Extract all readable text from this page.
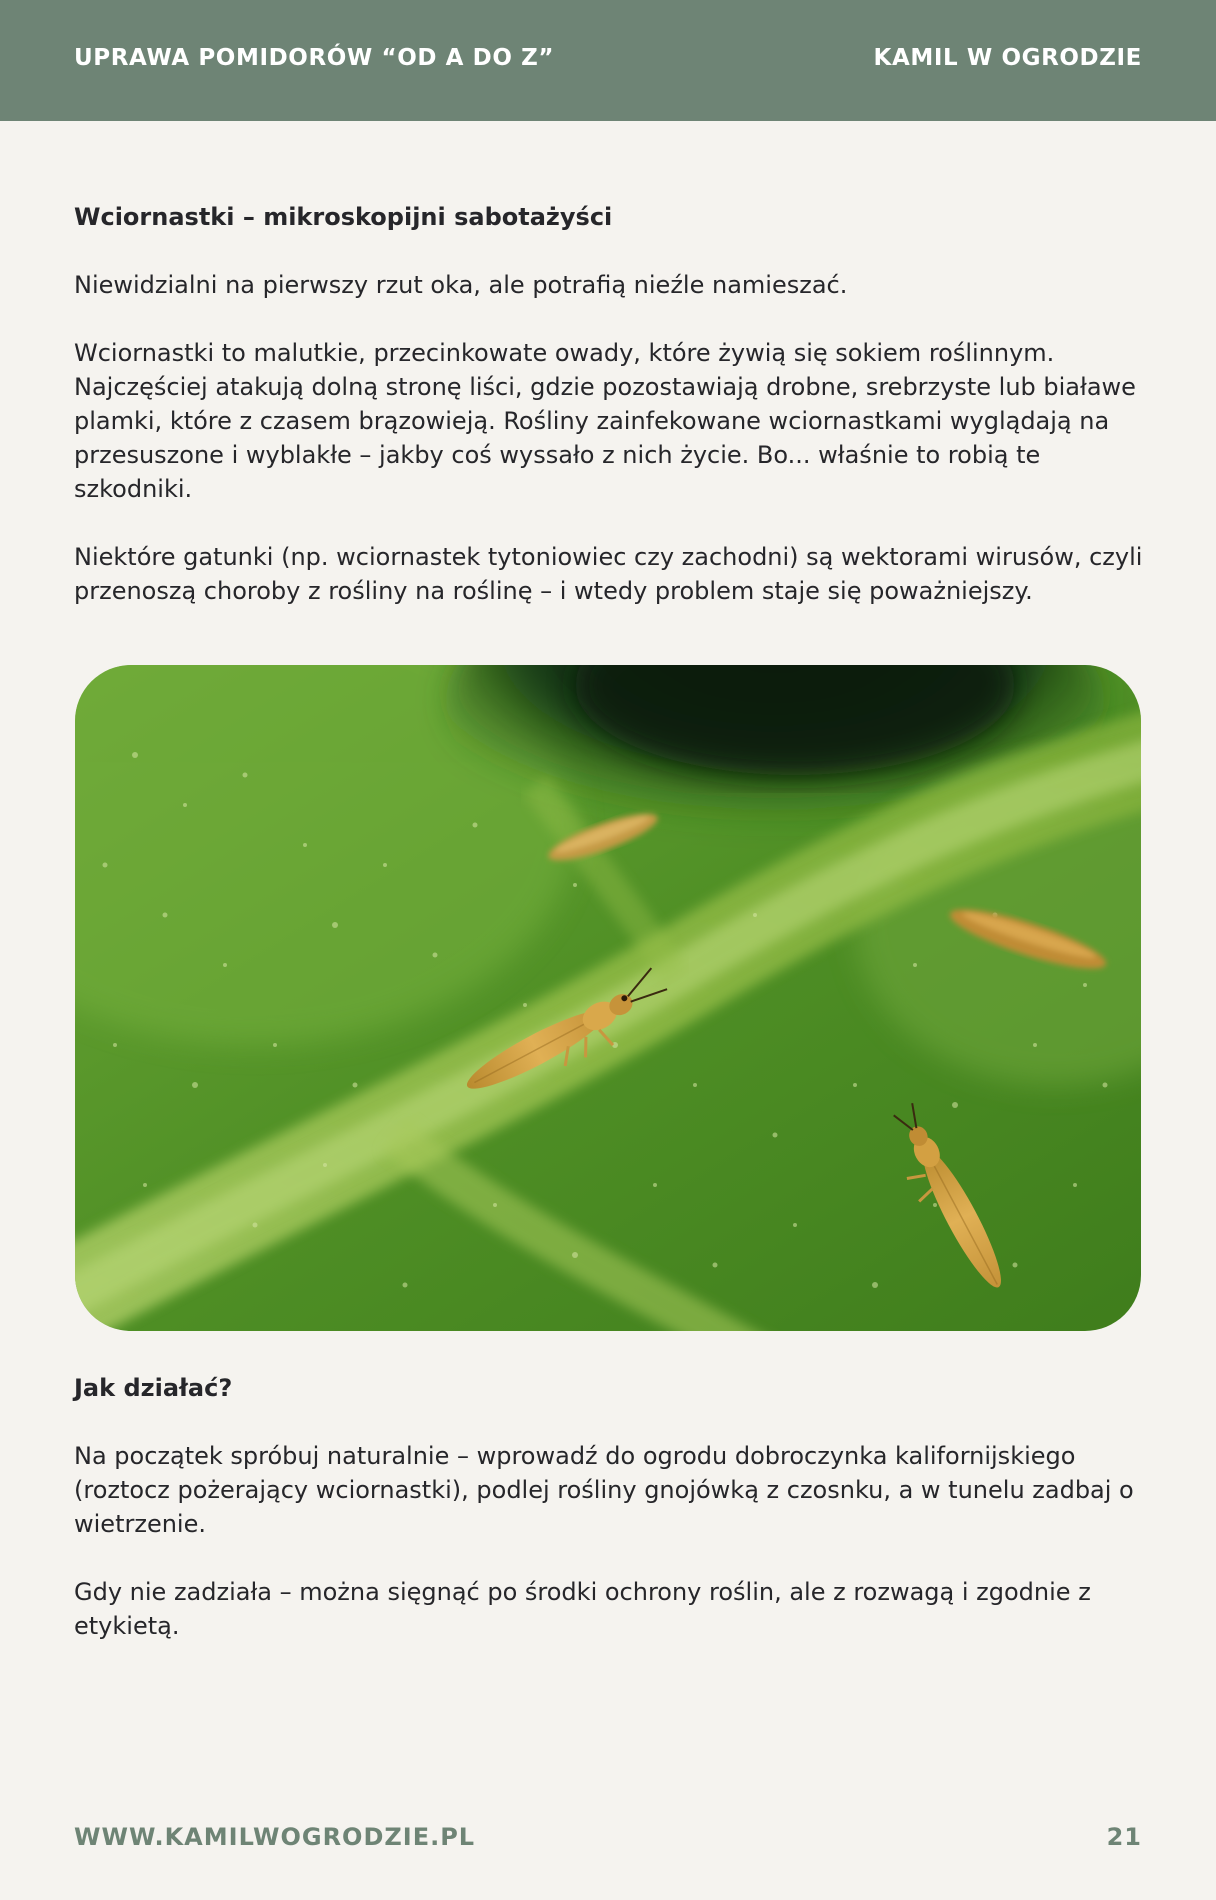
UPRAWA POMIDORÓW “OD A DO Z”	KAMIL W OGRODZIE

Wciornastki – mikroskopijni sabotażyści

Niewidzialni na pierwszy rzut oka, ale potrafią nieźle namieszać.

Wciornastki to malutkie, przecinkowate owady, które żywią się sokiem roślinnym. Najczęściej atakują dolną stronę liści, gdzie pozostawiają drobne, srebrzyste lub białawe plamki, które z czasem brązowieją. Rośliny zainfekowane wciornastkami wyglądają na przesuszone i wyblakłe – jakby coś wyssało z nich życie. Bo... właśnie to robią te szkodniki.

Niektóre gatunki (np. wciornastek tytoniowiec czy zachodni) są wektorami wirusów, czyli przenoszą choroby z rośliny na roślinę – i wtedy problem staje się poważniejszy.

Jak działać?

Na początek spróbuj naturalnie – wprowadź do ogrodu dobroczynka kalifornijskiego (roztocz pożerający wciornastki), podlej rośliny gnojówką z czosnku, a w tunelu zadbaj o wietrzenie.

Gdy nie zadziała – można sięgnąć po środki ochrony roślin, ale z rozwagą i zgodnie z etykietą.

WWW.KAMILWOGRODZIE.PL	21
